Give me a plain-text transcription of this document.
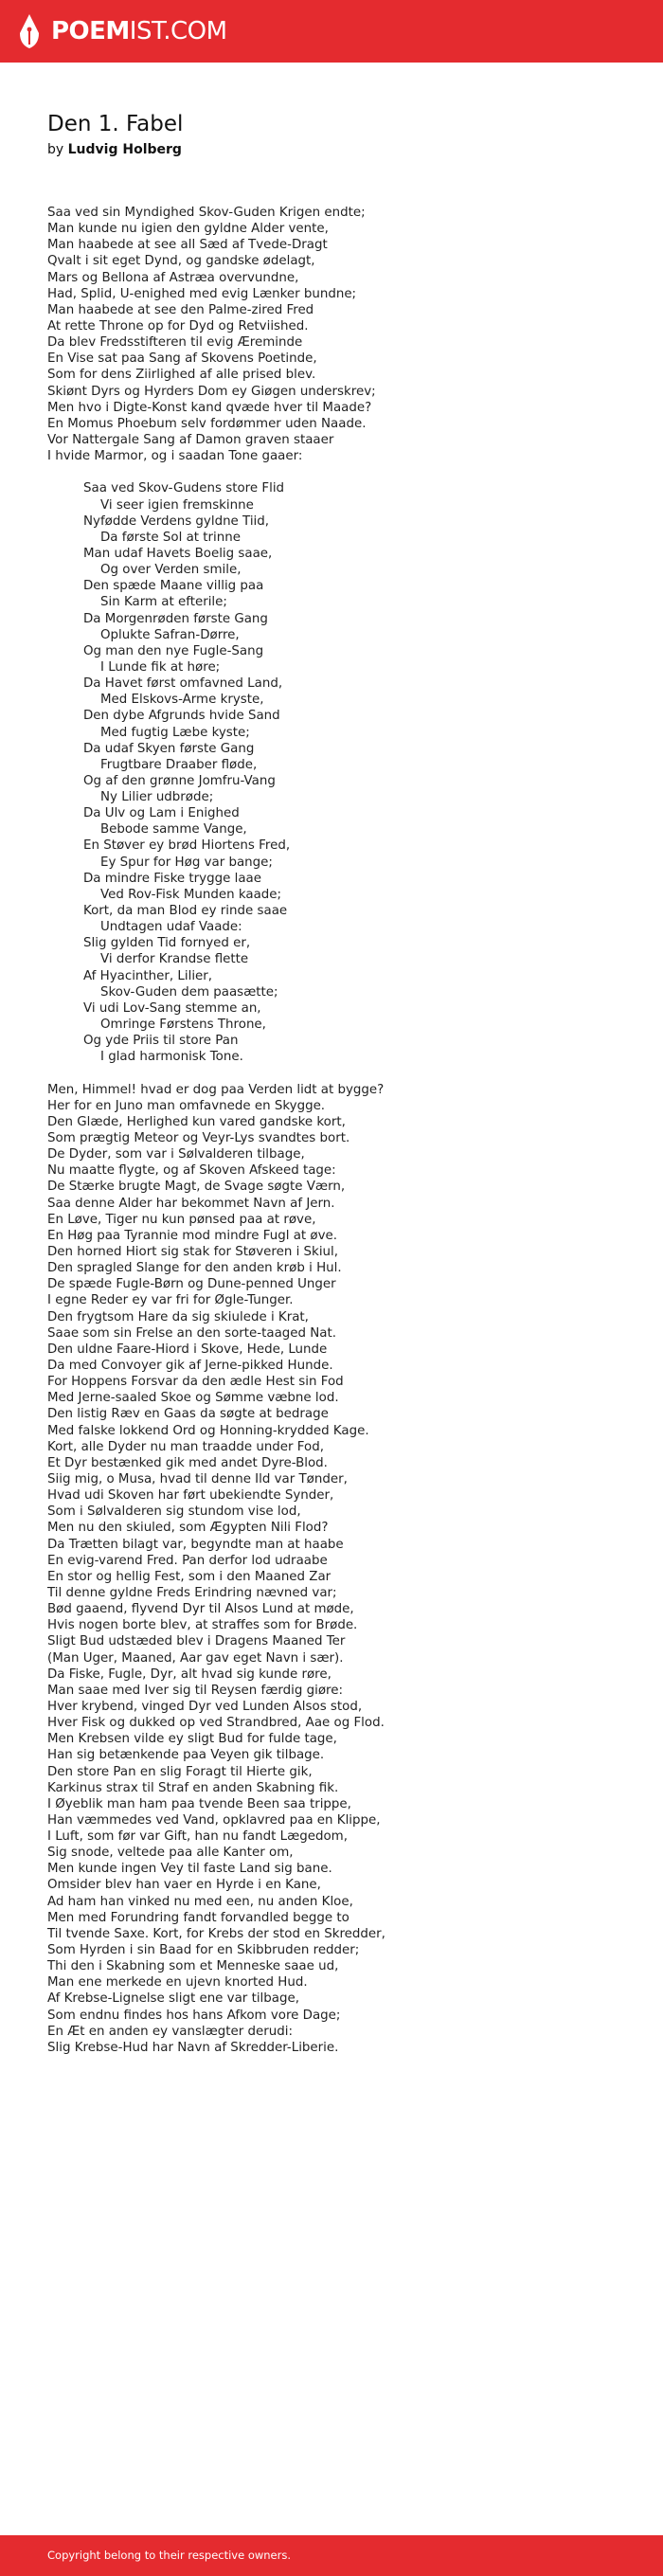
POEMIST.COM
Den 1. Fabel
by Ludvig Holberg
Saa ved sin Myndighed Skov-Guden Krigen endte;
Man kunde nu igien den gyldne Alder vente,
Man haabede at see all Sæd af Tvede-Dragt
Qvalt i sit eget Dynd, og gandske ødelagt,
Mars og Bellona af Astræa overvundne,
Had, Splid, U-enighed med evig Lænker bundne;
Man haabede at see den Palme-zired Fred
At rette Throne op for Dyd og Retviished.
Da blev Fredsstifteren til evig Æreminde
En Vise sat paa Sang af Skovens Poetinde,
Som for dens Ziirlighed af alle prised blev.
Skiønt Dyrs og Hyrders Dom ey Giøgen underskrev;
Men hvo i Digte-Konst kand qvæde hver til Maade?
En Momus Phoebum selv fordømmer uden Naade.
Vor Nattergale Sang af Damon graven staaer
I hvide Marmor, og i saadan Tone gaaer:
Saa ved Skov-Gudens store Flid
Vi seer igien fremskinne
Nyfødde Verdens gyldne Tiid,
Da første Sol at trinne
Man udaf Havets Boelig saae,
Og over Verden smile,
Den spæde Maane villig paa
Sin Karm at efterile;
Da Morgenrøden første Gang
Oplukte Safran-Dørre,
Og man den nye Fugle-Sang
I Lunde fik at høre;
Da Havet først omfavned Land,
Med Elskovs-Arme kryste,
Den dybe Afgrunds hvide Sand
Med fugtig Læbe kyste;
Da udaf Skyen første Gang
Frugtbare Draaber fløde,
Og af den grønne Jomfru-Vang
Ny Lilier udbrøde;
Da Ulv og Lam i Enighed
Bebode samme Vange,
En Støver ey brød Hiortens Fred,
Ey Spur for Høg var bange;
Da mindre Fiske trygge laae
Ved Rov-Fisk Munden kaade;
Kort, da man Blod ey rinde saae
Undtagen udaf Vaade:
Slig gylden Tid fornyed er,
Vi derfor Krandse flette
Af Hyacinther, Lilier,
Skov-Guden dem paasætte;
Vi udi Lov-Sang stemme an,
Omringe Førstens Throne,
Og yde Priis til store Pan
I glad harmonisk Tone.
Men, Himmel! hvad er dog paa Verden lidt at bygge?
Her for en Juno man omfavnede en Skygge.
Den Glæde, Herlighed kun vared gandske kort,
Som prægtig Meteor og Veyr-Lys svandtes bort.
De Dyder, som var i Sølvalderen tilbage,
Nu maatte flygte, og af Skoven Afskeed tage:
De Stærke brugte Magt, de Svage søgte Værn,
Saa denne Alder har bekommet Navn af Jern.
En Løve, Tiger nu kun pønsed paa at røve,
En Høg paa Tyrannie mod mindre Fugl at øve.
Den horned Hiort sig stak for Støveren i Skiul,
Den spragled Slange for den anden krøb i Hul.
De spæde Fugle-Børn og Dune-penned Unger
I egne Reder ey var fri for Øgle-Tunger.
Den frygtsom Hare da sig skiulede i Krat,
Saae som sin Frelse an den sorte-taaged Nat.
Den uldne Faare-Hiord i Skove, Hede, Lunde
Da med Convoyer gik af Jerne-pikked Hunde.
For Hoppens Forsvar da den ædle Hest sin Fod
Med Jerne-saaled Skoe og Sømme væbne lod.
Den listig Ræv en Gaas da søgte at bedrage
Med falske lokkend Ord og Honning-krydded Kage.
Kort, alle Dyder nu man traadde under Fod,
Et Dyr bestænked gik med andet Dyre-Blod.
Siig mig, o Musa, hvad til denne Ild var Tønder,
Hvad udi Skoven har ført ubekiendte Synder,
Som i Sølvalderen sig stundom vise lod,
Men nu den skiuled, som Ægypten Nili Flod?
Da Trætten bilagt var, begyndte man at haabe
En evig-varend Fred. Pan derfor lod udraabe
En stor og hellig Fest, som i den Maaned Zar
Til denne gyldne Freds Erindring nævned var;
Bød gaaend, flyvend Dyr til Alsos Lund at møde,
Hvis nogen borte blev, at straffes som for Brøde.
Sligt Bud udstæded blev i Dragens Maaned Ter
(Man Uger, Maaned, Aar gav eget Navn i sær).
Da Fiske, Fugle, Dyr, alt hvad sig kunde røre,
Man saae med Iver sig til Reysen færdig giøre:
Hver krybend, vinged Dyr ved Lunden Alsos stod,
Hver Fisk og dukked op ved Strandbred, Aae og Flod.
Men Krebsen vilde ey sligt Bud for fulde tage,
Han sig betænkende paa Veyen gik tilbage.
Den store Pan en slig Foragt til Hierte gik,
Karkinus strax til Straf en anden Skabning fik.
I Øyeblik man ham paa tvende Been saa trippe,
Han væmmedes ved Vand, opklavred paa en Klippe,
I Luft, som før var Gift, han nu fandt Lægedom,
Sig snode, veltede paa alle Kanter om,
Men kunde ingen Vey til faste Land sig bane.
Omsider blev han vaer en Hyrde i en Kane,
Ad ham han vinked nu med een, nu anden Kloe,
Men med Forundring fandt forvandled begge to
Til tvende Saxe. Kort, for Krebs der stod en Skredder,
Som Hyrden i sin Baad for en Skibbruden redder;
Thi den i Skabning som et Menneske saae ud,
Man ene merkede en ujevn knorted Hud.
Af Krebse-Lignelse sligt ene var tilbage,
Som endnu findes hos hans Afkom vore Dage;
En Æt en anden ey vanslægter derudi:
Slig Krebse-Hud har Navn af Skredder-Liberie.
Copyright belong to their respective owners.
